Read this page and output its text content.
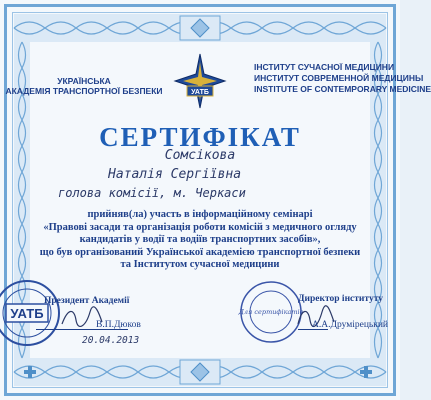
УКРАЇНСЬКА
АКАДЕМІЯ ТРАНСПОРТНОЇ БЕЗПЕКИ
ІНСТИТУТ СУЧАСНОЇ МЕДИЦИНИ
ИНСТИТУТ СОВРЕМЕННОЙ МЕДИЦИНЫ
INSTITUTE OF CONTEMPORARY MEDICINE
УАТБ
СЕРТИФІКАТ
Сомсікова
Наталія Сергіївна
голова комісії, м. Черкаси
прийняв(ла) участь в інформаційному семінарі
«Правові засади та організація роботи комісій з медичного огляду
кандидатів у водії та водіїв транспортних засобів»,
що був організований Української академією транспортної безпеки
та Інститутом сучасної медицини
УАТБ	Для сертифікатів
Президент Академії
В.П.Дюков
20.04.2013
Директор інституту
А.А.Друмірецький
